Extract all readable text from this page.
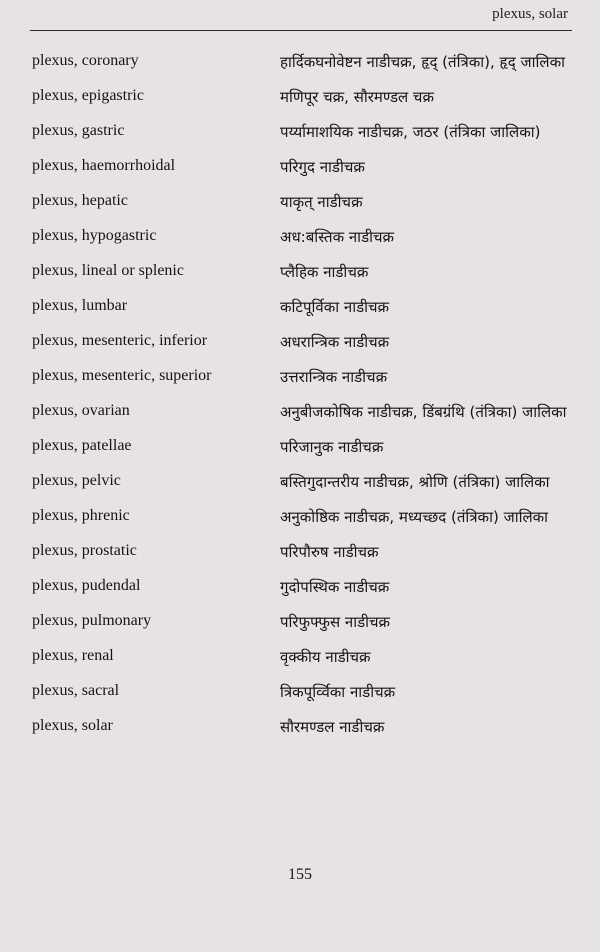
plexus, solar
plexus, coronary	हार्दिकघनोवेष्टन नाडीचक्र, हृद् (तंत्रिका), हृद् जालिका
plexus, epigastric	मणिपूर चक्र, सौरमण्डल चक्र
plexus, gastric	पर्य्यामाशयिक नाडीचक्र, जठर (तंत्रिका जालिका)
plexus, haemorrhoidal	परिगुद नाडीचक्र
plexus, hepatic	याकृत् नाडीचक्र
plexus, hypogastric	अध:बस्तिक नाडीचक्र
plexus, lineal or splenic	प्लैहिक नाडीचक्र
plexus, lumbar	कटिपूर्विका नाडीचक्र
plexus, mesenteric, inferior	अधरान्त्रिक नाडीचक्र
plexus, mesenteric, superior	उत्तरान्त्रिक नाडीचक्र
plexus, ovarian	अनुबीजकोषिक नाडीचक्र, डिंबग्रंथि (तंत्रिका) जालिका
plexus, patellae	परिजानुक नाडीचक्र
plexus, pelvic	बस्तिगुदान्तरीय नाडीचक्र, श्रोणि (तंत्रिका) जालिका
plexus, phrenic	अनुकोष्ठिक नाडीचक्र, मध्यच्छद (तंत्रिका) जालिका
plexus, prostatic	परिपौरुष नाडीचक्र
plexus, pudendal	गुदोपस्थिक नाडीचक्र
plexus, pulmonary	परिफुफ्फुस नाडीचक्र
plexus, renal	वृक्कीय नाडीचक्र
plexus, sacral	त्रिकपूर्व्विका नाडीचक्र
plexus, solar	सौरमण्डल नाडीचक्र
155
